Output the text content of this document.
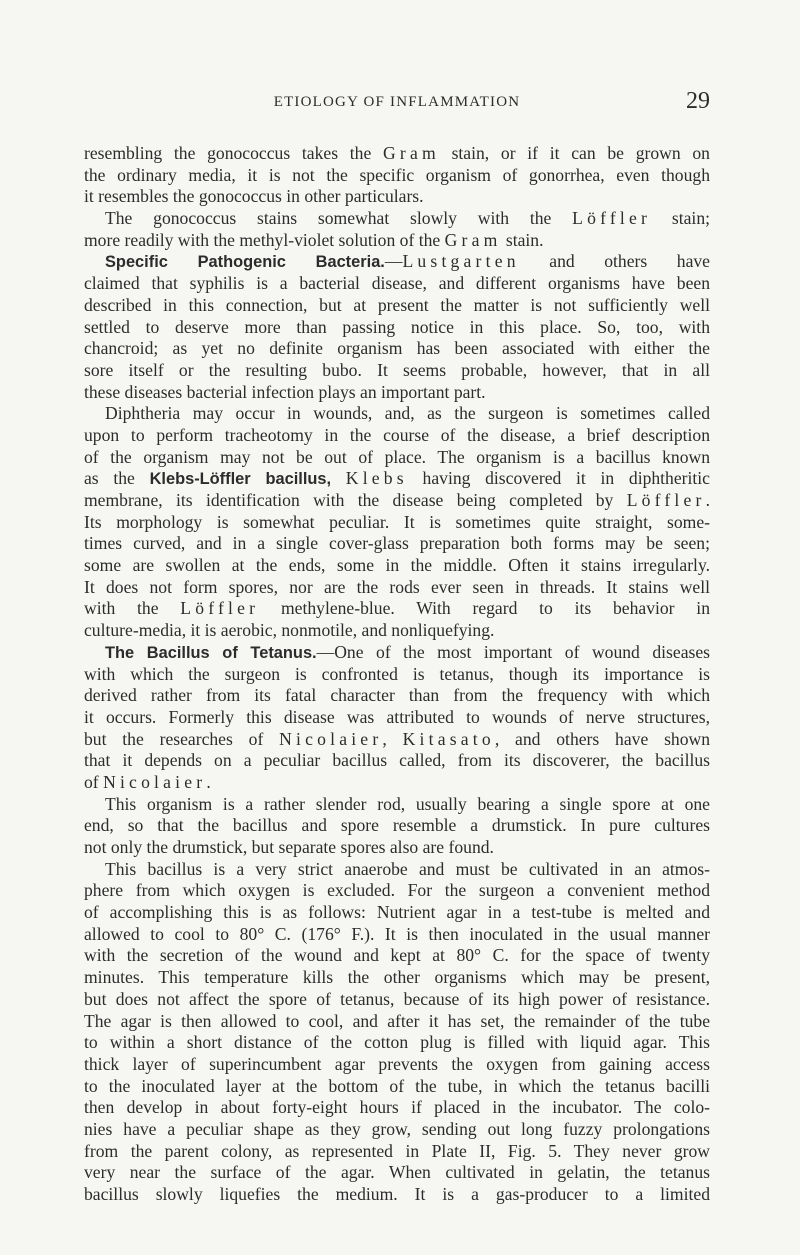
ETIOLOGY OF INFLAMMATION	29
resembling the gonococcus takes the Gram stain, or if it can be grown on
the ordinary media, it is not the specific organism of gonorrhea, even though
it resembles the gonococcus in other particulars.
The gonococcus stains somewhat slowly with the Löffler stain;
more readily with the methyl-violet solution of the Gram stain.
Specific Pathogenic Bacteria.—Lustgarten and others have
claimed that syphilis is a bacterial disease, and different organisms have been
described in this connection, but at present the matter is not sufficiently well
settled to deserve more than passing notice in this place. So, too, with
chancroid; as yet no definite organism has been associated with either the
sore itself or the resulting bubo. It seems probable, however, that in all
these diseases bacterial infection plays an important part.
Diphtheria may occur in wounds, and, as the surgeon is sometimes called
upon to perform tracheotomy in the course of the disease, a brief description
of the organism may not be out of place. The organism is a bacillus known
as the Klebs-Löffler bacillus, Klebs having discovered it in diphtheritic
membrane, its identification with the disease being completed by Löffler.
Its morphology is somewhat peculiar. It is sometimes quite straight, some-
times curved, and in a single cover-glass preparation both forms may be seen;
some are swollen at the ends, some in the middle. Often it stains irregularly.
It does not form spores, nor are the rods ever seen in threads. It stains well
with the Löffler methylene-blue. With regard to its behavior in
culture-media, it is aerobic, nonmotile, and nonliquefying.
The Bacillus of Tetanus.—One of the most important of wound diseases
with which the surgeon is confronted is tetanus, though its importance is
derived rather from its fatal character than from the frequency with which
it occurs. Formerly this disease was attributed to wounds of nerve structures,
but the researches of Nicolaier, Kitasato, and others have shown
that it depends on a peculiar bacillus called, from its discoverer, the bacillus
of Nicolaier.
This organism is a rather slender rod, usually bearing a single spore at one
end, so that the bacillus and spore resemble a drumstick. In pure cultures
not only the drumstick, but separate spores also are found.
This bacillus is a very strict anaerobe and must be cultivated in an atmos-
phere from which oxygen is excluded. For the surgeon a convenient method
of accomplishing this is as follows: Nutrient agar in a test-tube is melted and
allowed to cool to 80° C. (176° F.). It is then inoculated in the usual manner
with the secretion of the wound and kept at 80° C. for the space of twenty
minutes. This temperature kills the other organisms which may be present,
but does not affect the spore of tetanus, because of its high power of resistance.
The agar is then allowed to cool, and after it has set, the remainder of the tube
to within a short distance of the cotton plug is filled with liquid agar. This
thick layer of superincumbent agar prevents the oxygen from gaining access
to the inoculated layer at the bottom of the tube, in which the tetanus bacilli
then develop in about forty-eight hours if placed in the incubator. The colo-
nies have a peculiar shape as they grow, sending out long fuzzy prolongations
from the parent colony, as represented in Plate II, Fig. 5. They never grow
very near the surface of the agar. When cultivated in gelatin, the tetanus
bacillus slowly liquefies the medium. It is a gas-producer to a limited
